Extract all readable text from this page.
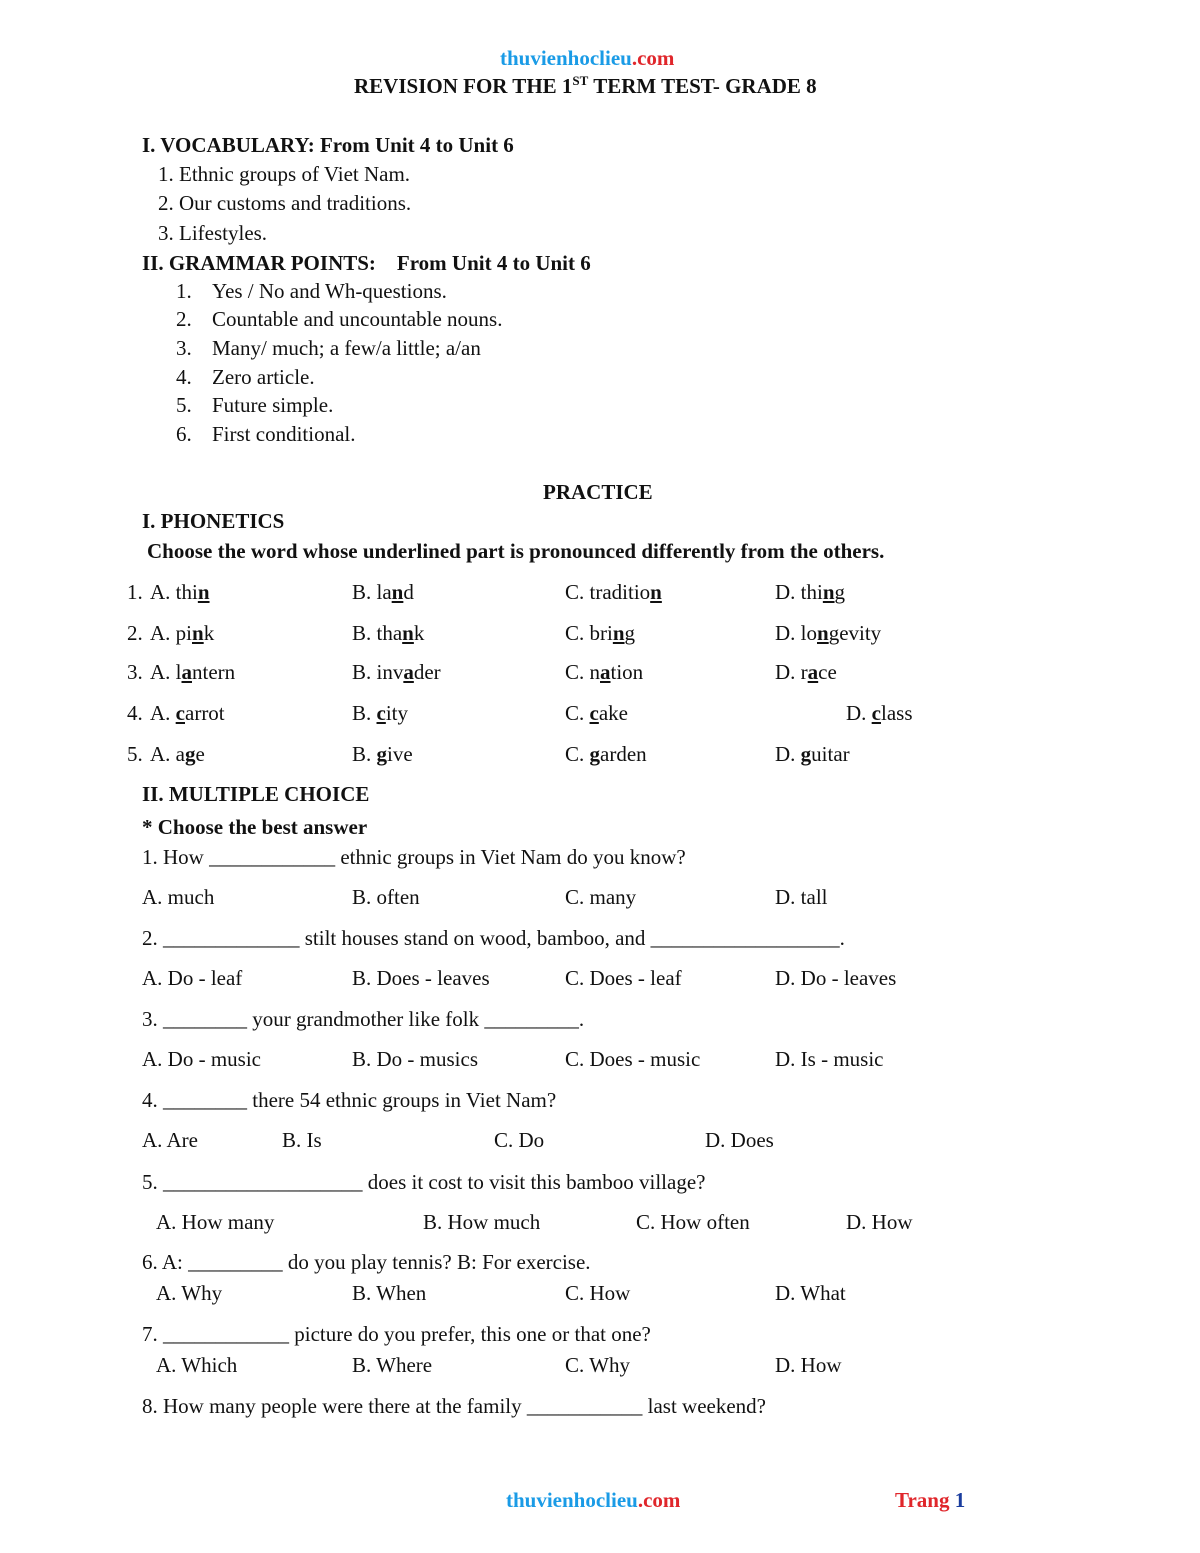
thuvienhoclieu.com
REVISION FOR THE 1ST TERM TEST- GRADE 8
I. VOCABULARY: From Unit 4 to Unit 6
1. Ethnic groups of Viet Nam.
2. Our customs and traditions.
3. Lifestyles.
II. GRAMMAR POINTS:    From Unit 4 to Unit 6
1. Yes / No and Wh-questions.
2. Countable and uncountable nouns.
3. Many/ much; a few/a little; a/an
4. Zero article.
5. Future simple.
6. First conditional.
PRACTICE
I. PHONETICS
Choose the word whose underlined part is pronounced differently from the others.
1. A. thin	B. land	C. tradition	D. thing
2. A. pink	B. thank	C. bring	D. longevity
3. A. lantern	B. invader	C. nation	D. race
4. A. carrot	B. city	C. cake	D. class
5. A. age	B. give	C. garden	D. guitar
II. MULTIPLE CHOICE
* Choose the best answer
1. How ____________ ethnic groups in Viet Nam do you know?
A. much	B. often	C. many	D. tall
2. _____________ stilt houses stand on wood, bamboo, and __________________.
A. Do - leaf	B. Does - leaves	C. Does - leaf	D. Do - leaves
3. ________ your grandmother like folk _________.
A. Do - music	B. Do - musics	C. Does - music	D. Is - music
4. ________ there 54 ethnic groups in Viet Nam?
A. Are	B. Is	C. Do	D. Does
5. ___________________ does it cost to visit this bamboo village?
A. How many	B. How much	C. How often	D. How
6. A: _________ do you play tennis? B: For exercise.
A. Why	B. When	C. How	D. What
7. ____________ picture do you prefer, this one or that one?
A. Which	B. Where	C. Why	D. How
8. How many people were there at the family ___________ last weekend?
thuvienhoclieu.com	Trang 1
